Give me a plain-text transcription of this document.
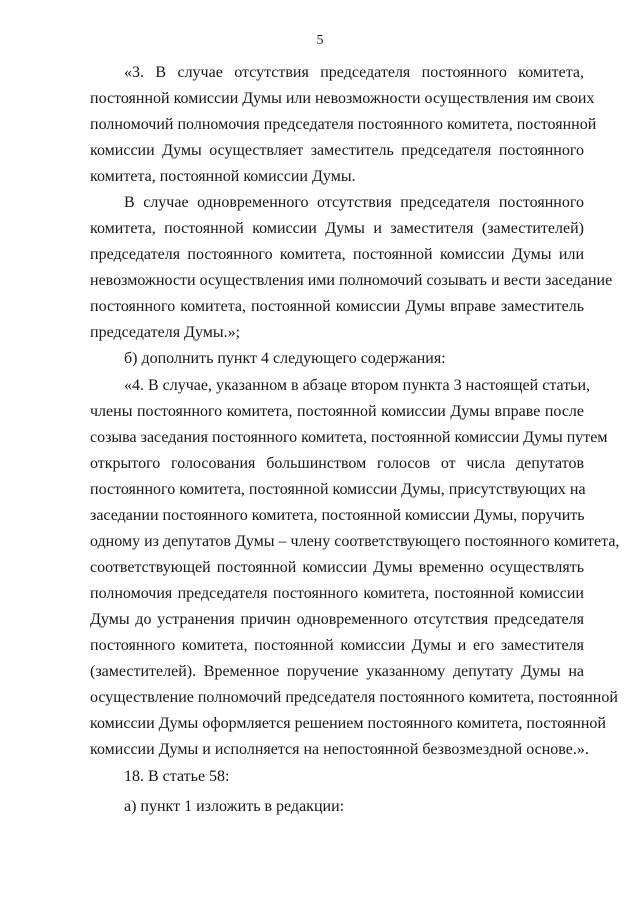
5
«3. В случае отсутствия председателя постоянного комитета,
постоянной комиссии Думы или невозможности осуществления им своих
полномочий полномочия председателя постоянного комитета, постоянной
комиссии Думы осуществляет заместитель председателя постоянного
комитета, постоянной комиссии Думы.
В случае одновременного отсутствия председателя постоянного
комитета, постоянной комиссии Думы и заместителя (заместителей)
председателя постоянного комитета, постоянной комиссии Думы или
невозможности осуществления ими полномочий созывать и вести заседание
постоянного комитета, постоянной комиссии Думы вправе заместитель
председателя Думы.»;
б) дополнить пункт 4 следующего содержания:
«4. В случае, указанном в абзаце втором пункта 3 настоящей статьи,
члены постоянного комитета, постоянной комиссии Думы вправе после
созыва заседания постоянного комитета, постоянной комиссии Думы путем
открытого голосования большинством голосов от числа депутатов
постоянного комитета, постоянной комиссии Думы, присутствующих на
заседании постоянного комитета, постоянной комиссии Думы, поручить
одному из депутатов Думы – члену соответствующего постоянного комитета,
соответствующей постоянной комиссии Думы временно осуществлять
полномочия председателя постоянного комитета, постоянной комиссии
Думы до устранения причин одновременного отсутствия председателя
постоянного комитета, постоянной комиссии Думы и его заместителя
(заместителей). Временное поручение указанному депутату Думы на
осуществление полномочий председателя постоянного комитета, постоянной
комиссии Думы оформляется решением постоянного комитета, постоянной
комиссии Думы и исполняется на непостоянной безвозмездной основе.».
18. В статье 58:
а) пункт 1 изложить в редакции:
